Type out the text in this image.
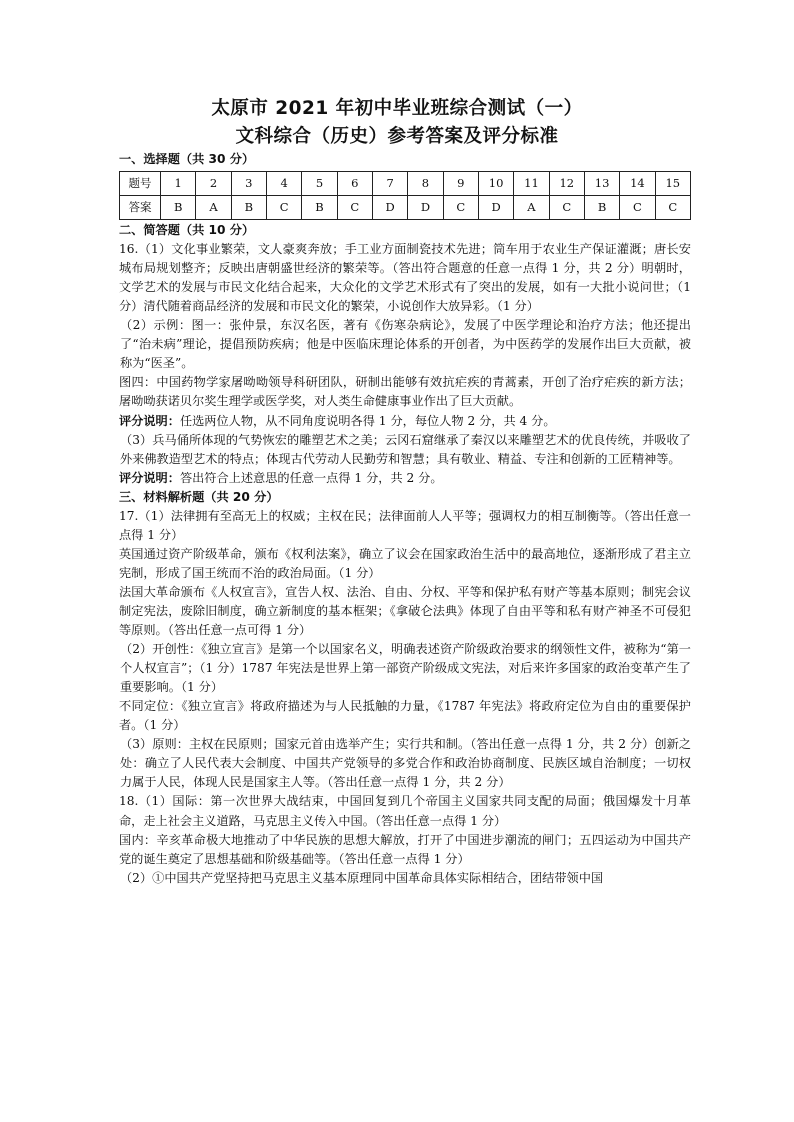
太原市 2021 年初中毕业班综合测试（一）
文科综合（历史）参考答案及评分标准
一、选择题（共 30 分）
题号	1	2	3	4	5	6	7	8	9	10	11	12	13	14	15
答案	B	A	B	C	B	C	D	D	C	D	A	C	B	C	C
二、简答题（共 10 分）

16.（1）文化事业繁荣，文人豪爽奔放；手工业方面制瓷技术先进；筒车用于农业生产保证灌溉；唐长安城布局规划整齐；反映出唐朝盛世经济的繁荣等。（答出符合题意的任意一点得 1 分，共 2 分）明朝时，文学艺术的发展与市民文化结合起来，大众化的文学艺术形式有了突出的发展，如有一大批小说问世；（1 分）清代随着商品经济的发展和市民文化的繁荣，小说创作大放异彩。（1 分）

（2）示例：图一：张仲景，东汉名医，著有《伤寒杂病论》，发展了中医学理论和治疗方法；他还提出了“治未病”理论，提倡预防疾病；他是中医临床理论体系的开创者，为中医药学的发展作出巨大贡献，被称为“医圣”。

图四：中国药物学家屠呦呦领导科研团队，研制出能够有效抗疟疾的青蒿素，开创了治疗疟疾的新方法；屠呦呦获诺贝尔奖生理学或医学奖，对人类生命健康事业作出了巨大贡献。

评分说明：任选两位人物，从不同角度说明各得 1 分，每位人物 2 分，共 4 分。

（3）兵马俑所体现的气势恢宏的雕塑艺术之美；云冈石窟继承了秦汉以来雕塑艺术的优良传统，并吸收了外来佛教造型艺术的特点；体现古代劳动人民勤劳和智慧；具有敬业、精益、专注和创新的工匠精神等。

评分说明：答出符合上述意思的任意一点得 1 分，共 2 分。

三、材料解析题（共 20 分）

17.（1）法律拥有至高无上的权威；主权在民；法律面前人人平等；强调权力的相互制衡等。（答出任意一点得 1 分）

英国通过资产阶级革命，颁布《权利法案》，确立了议会在国家政治生活中的最高地位，逐渐形成了君主立宪制，形成了国王统而不治的政治局面。（1 分）

法国大革命颁布《人权宣言》，宣告人权、法治、自由、分权、平等和保护私有财产等基本原则；制宪会议制定宪法，废除旧制度，确立新制度的基本框架；《拿破仑法典》体现了自由平等和私有财产神圣不可侵犯等原则。（答出任意一点可得 1 分）

（2）开创性：《独立宣言》是第一个以国家名义，明确表述资产阶级政治要求的纲领性文件，被称为“第一个人权宣言”；（1 分）1787 年宪法是世界上第一部资产阶级成文宪法，对后来许多国家的政治变革产生了重要影响。（1 分）

不同定位：《独立宣言》将政府描述为与人民抵触的力量，《1787 年宪法》将政府定位为自由的重要保护者。（1 分）

（3）原则：主权在民原则；国家元首由选举产生；实行共和制。（答出任意一点得 1 分，共 2 分）创新之处：确立了人民代表大会制度、中国共产党领导的多党合作和政治协商制度、民族区域自治制度；一切权力属于人民，体现人民是国家主人等。（答出任意一点得 1 分，共 2 分）

18.（1）国际：第一次世界大战结束，中国回复到几个帝国主义国家共同支配的局面；俄国爆发十月革命，走上社会主义道路，马克思主义传入中国。（答出任意一点得 1 分）

国内：辛亥革命极大地推动了中华民族的思想大解放，打开了中国进步潮流的闸门；五四运动为中国共产党的诞生奠定了思想基础和阶级基础等。（答出任意一点得 1 分）

（2）①中国共产党坚持把马克思主义基本原理同中国革命具体实际相结合，团结带领中国
